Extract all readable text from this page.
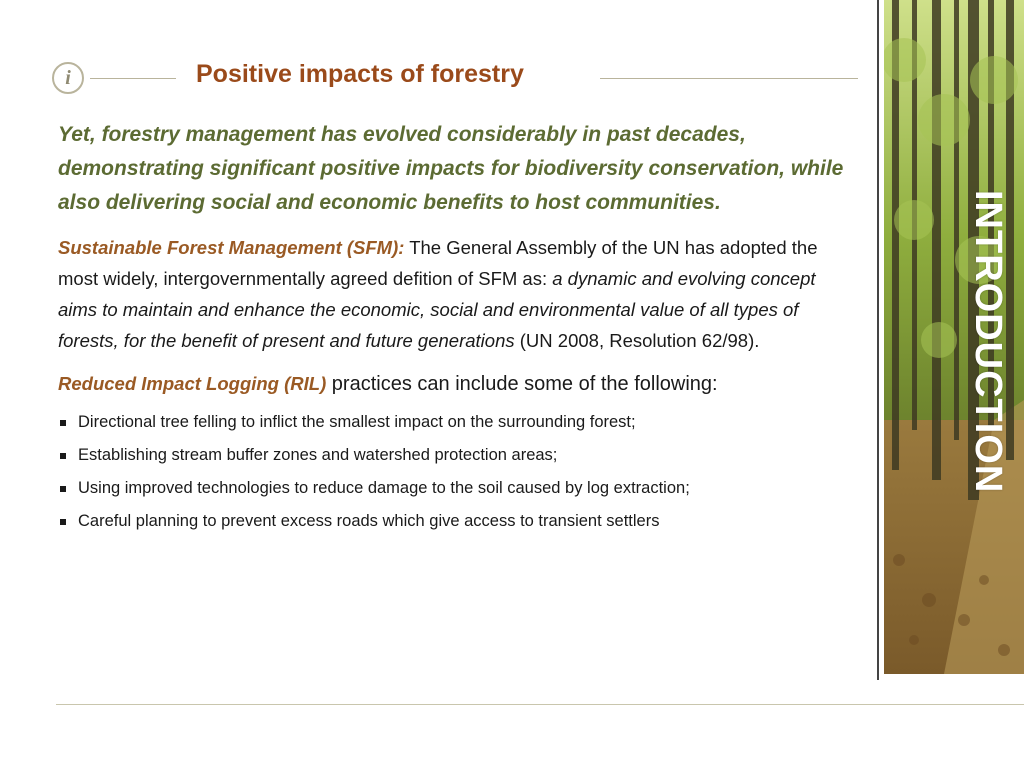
i	Positive impacts of forestry

Yet, forestry management has evolved considerably in past decades, demonstrating significant positive impacts for biodiversity conservation, while also delivering social and economic benefits to host communities.

Sustainable Forest Management (SFM): The General Assembly of the UN has adopted the most widely, intergovernmentally agreed defition of SFM as: a dynamic and evolving concept aims to maintain and enhance the economic, social and environmental value of all types of forests, for the benefit of present and future generations (UN 2008, Resolution 62/98).

Reduced Impact Logging (RIL) practices can include some of the following:

Directional tree felling to inflict the smallest impact on the surrounding forest;
Establishing stream buffer zones and watershed protection areas;
Using improved technologies to reduce damage to the soil caused by log extraction;
Careful planning to prevent excess roads which give access to transient settlers
INTRODUCTION
